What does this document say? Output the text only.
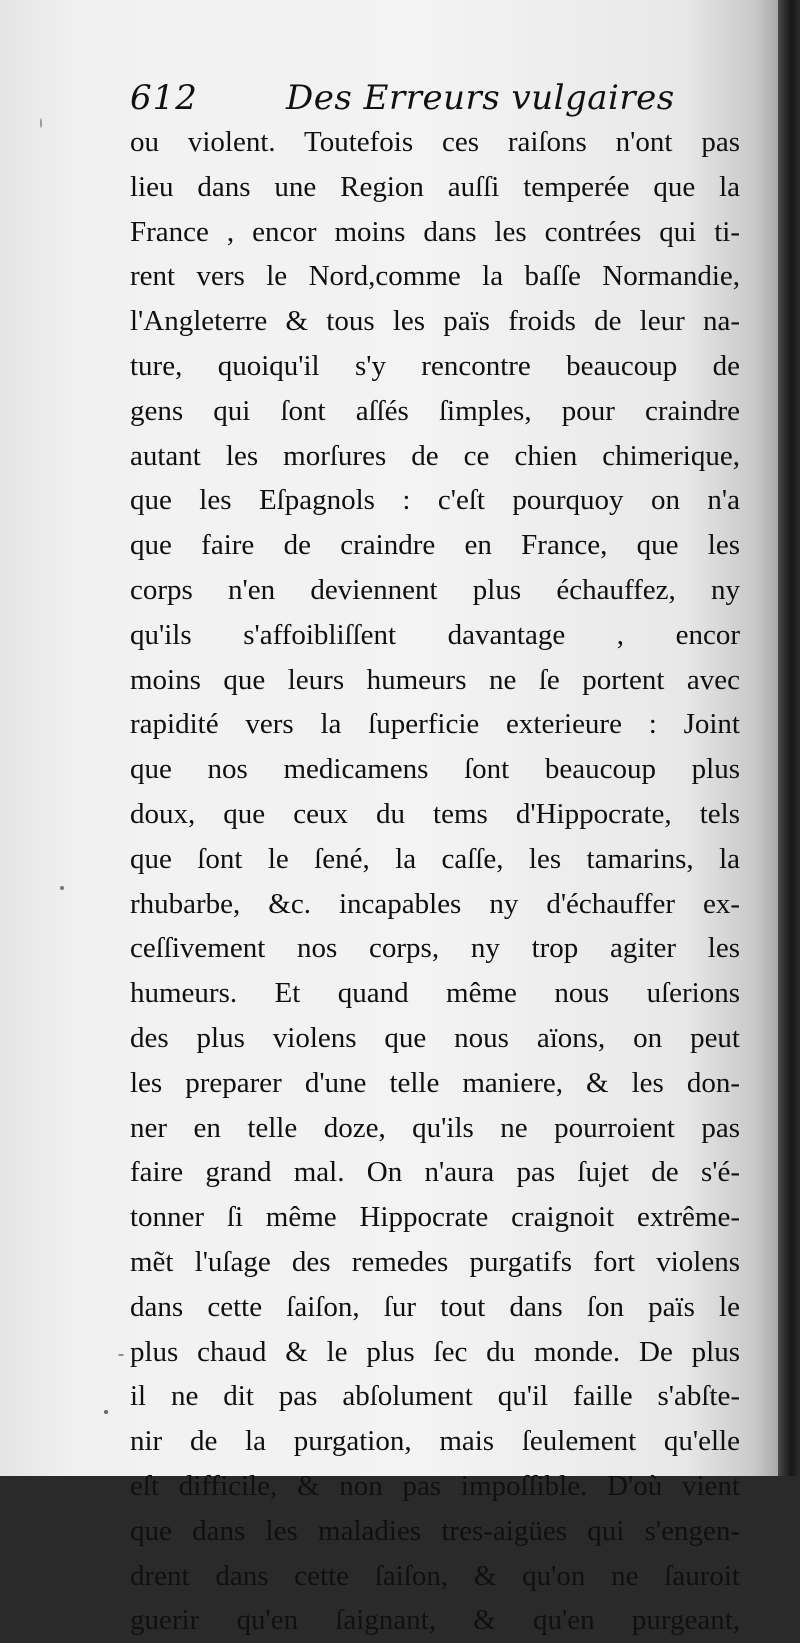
612	Des Erreurs vulgaires
ou violent. Toutefois ces raiſons n'ont pas
lieu dans une Region auſſi temperée que la
France , encor moins dans les contrées qui ti-
rent vers le Nord,comme la baſſe Normandie,
l'Angleterre & tous les païs froids de leur na-
ture, quoiqu'il s'y rencontre beaucoup de
gens qui ſont aſſés ſimples, pour craindre
autant les morſures de ce chien chimerique,
que les Eſpagnols : c'eſt pourquoy on n'a
que faire de craindre en France, que les
corps n'en deviennent plus échauffez, ny
qu'ils s'affoibliſſent davantage , encor
moins que leurs humeurs ne ſe portent avec
rapidité vers la ſuperficie exterieure : Joint
que nos medicamens ſont beaucoup plus
doux, que ceux du tems d'Hippocrate, tels
que ſont le ſené, la caſſe, les tamarins, la
rhubarbe, &c. incapables ny d'échauffer ex-
ceſſivement nos corps, ny trop agiter les
humeurs. Et quand même nous uſerions
des plus violens que nous aïons, on peut
les preparer d'une telle maniere, & les don-
ner en telle doze, qu'ils ne pourroient pas
faire grand mal. On n'aura pas ſujet de s'é-
tonner ſi même Hippocrate craignoit extrême-
mẽt l'uſage des remedes purgatifs fort violens
dans cette ſaiſon, ſur tout dans ſon païs le
plus chaud & le plus ſec du monde. De plus
il ne dit pas abſolument qu'il faille s'abſte-
nir de la purgation, mais ſeulement qu'elle
eſt difficile, & non pas impoſſible. D'où vient
que dans les maladies tres-aigües qui s'engen-
drent dans cette ſaiſon, & qu'on ne ſauroit
guerir qu'en ſaignant, & qu'en purgeant,
